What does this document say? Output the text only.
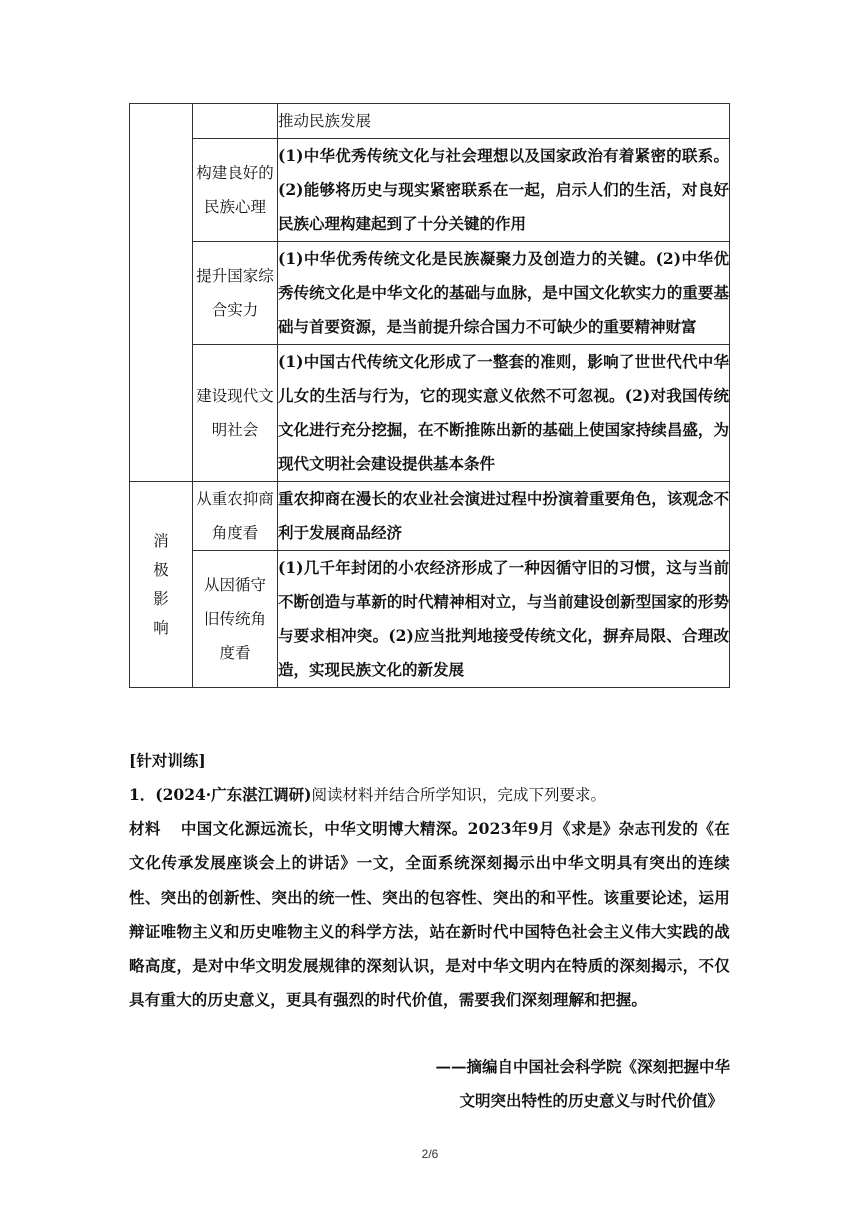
		推动民族发展
	构建良好的民族心理	(1)中华优秀传统文化与社会理想以及国家政治有着紧密的联系。(2)能够将历史与现实紧密联系在一起，启示人们的生活，对良好民族心理构建起到了十分关键的作用
	提升国家综合实力	(1)中华优秀传统文化是民族凝聚力及创造力的关键。(2)中华优秀传统文化是中华文化的基础与血脉，是中国文化软实力的重要基础与首要资源，是当前提升综合国力不可缺少的重要精神财富
	建设现代文明社会	(1)中国古代传统文化形成了一整套的准则，影响了世世代代中华儿女的生活与行为，它的现实意义依然不可忽视。(2)对我国传统文化进行充分挖掘，在不断推陈出新的基础上使国家持续昌盛，为现代文明社会建设提供基本条件
消极影响	从重农抑商角度看	重农抑商在漫长的农业社会演进过程中扮演着重要角色，该观念不利于发展商品经济
	从因循守旧传统角度看	(1)几千年封闭的小农经济形成了一种因循守旧的习惯，这与当前不断创造与革新的时代精神相对立，与当前建设创新型国家的形势与要求相冲突。(2)应当批判地接受传统文化，摒弃局限、合理改造，实现民族文化的新发展
[针对训练]
1．(2024·广东湛江调研)阅读材料并结合所学知识，完成下列要求。
材料 中国文化源远流长，中华文明博大精深。2023年9月《求是》杂志刊发的《在文化传承发展座谈会上的讲话》一文，全面系统深刻揭示出中华文明具有突出的连续性、突出的创新性、突出的统一性、突出的包容性、突出的和平性。该重要论述，运用辩证唯物主义和历史唯物主义的科学方法，站在新时代中国特色社会主义伟大实践的战略高度，是对中华文明发展规律的深刻认识，是对中华文明内在特质的深刻揭示，不仅具有重大的历史意义，更具有强烈的时代价值，需要我们深刻理解和把握。
——摘编自中国社会科学院《深刻把握中华
文明突出特性的历史意义与时代价值》
2/6
